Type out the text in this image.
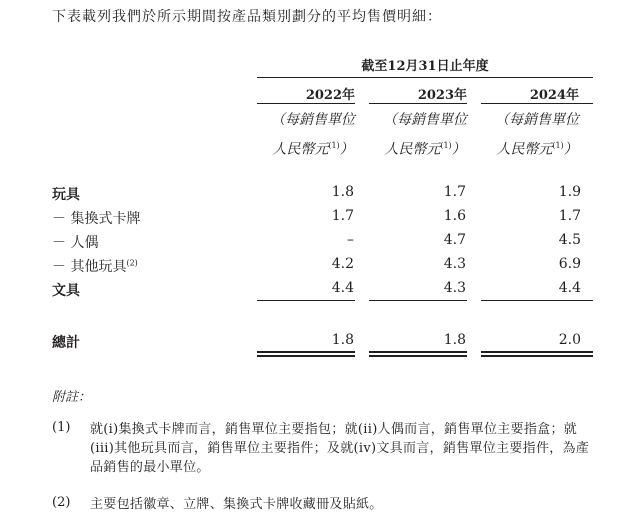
下表載列我們於所示期間按產品類別劃分的平均售價明細：
截至12月31日止年度
2022年	2023年	2024年
（每銷售單位
人民幣元$^{(1)}$）
（每銷售單位
人民幣元$^{(1)}$）
（每銷售單位
人民幣元$^{(1)}$）
玩具	1.8	1.7	1.9
－ 集換式卡牌	1.7	1.6	1.7
－ 人偶	–	4.7	4.5
－ 其他玩具$^{(2)}$	4.2	4.3	6.9
文具	4.4	4.3	4.4
總計	1.8	1.8	2.0
附註：
(1) 就(i)集換式卡牌而言，銷售單位主要指包；就(ii)人偶而言，銷售單位主要指盒；就(iii)其他玩具而言，銷售單位主要指件；及就(iv)文具而言，銷售單位主要指件，為產品銷售的最小單位。
(2) 主要包括徽章、立牌、集換式卡牌收藏冊及貼紙。
